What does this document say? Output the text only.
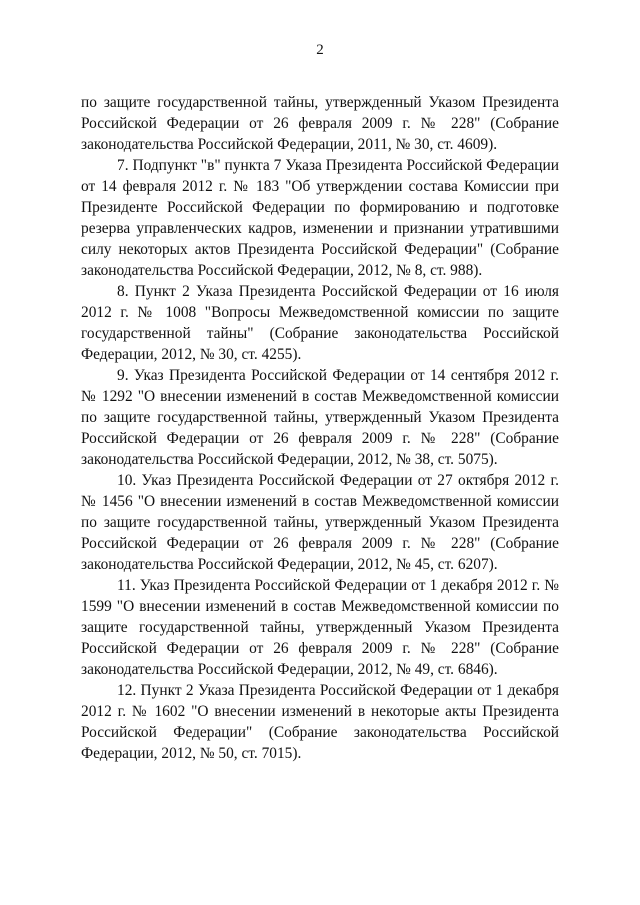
2

по защите государственной тайны, утвержденный Указом Президента Российской Федерации от 26 февраля 2009 г. № 228" (Собрание законодательства Российской Федерации, 2011, № 30, ст. 4609).

7. Подпункт "в" пункта 7 Указа Президента Российской Федерации от 14 февраля 2012 г. № 183 "Об утверждении состава Комиссии при Президенте Российской Федерации по формированию и подготовке резерва управленческих кадров, изменении и признании утратившими силу некоторых актов Президента Российской Федерации" (Собрание законодательства Российской Федерации, 2012, № 8, ст. 988).

8. Пункт 2 Указа Президента Российской Федерации от 16 июля 2012 г. № 1008 "Вопросы Межведомственной комиссии по защите государственной тайны" (Собрание законодательства Российской Федерации, 2012, № 30, ст. 4255).

9. Указ Президента Российской Федерации от 14 сентября 2012 г. № 1292 "О внесении изменений в состав Межведомственной комиссии по защите государственной тайны, утвержденный Указом Президента Российской Федерации от 26 февраля 2009 г. № 228" (Собрание законодательства Российской Федерации, 2012, № 38, ст. 5075).

10. Указ Президента Российской Федерации от 27 октября 2012 г. № 1456 "О внесении изменений в состав Межведомственной комиссии по защите государственной тайны, утвержденный Указом Президента Российской Федерации от 26 февраля 2009 г. № 228" (Собрание законодательства Российской Федерации, 2012, № 45, ст. 6207).

11. Указ Президента Российской Федерации от 1 декабря 2012 г. № 1599 "О внесении изменений в состав Межведомственной комиссии по защите государственной тайны, утвержденный Указом Президента Российской Федерации от 26 февраля 2009 г. № 228" (Собрание законодательства Российской Федерации, 2012, № 49, ст. 6846).

12. Пункт 2 Указа Президента Российской Федерации от 1 декабря 2012 г. № 1602 "О внесении изменений в некоторые акты Президента Российской Федерации" (Собрание законодательства Российской Федерации, 2012, № 50, ст. 7015).
